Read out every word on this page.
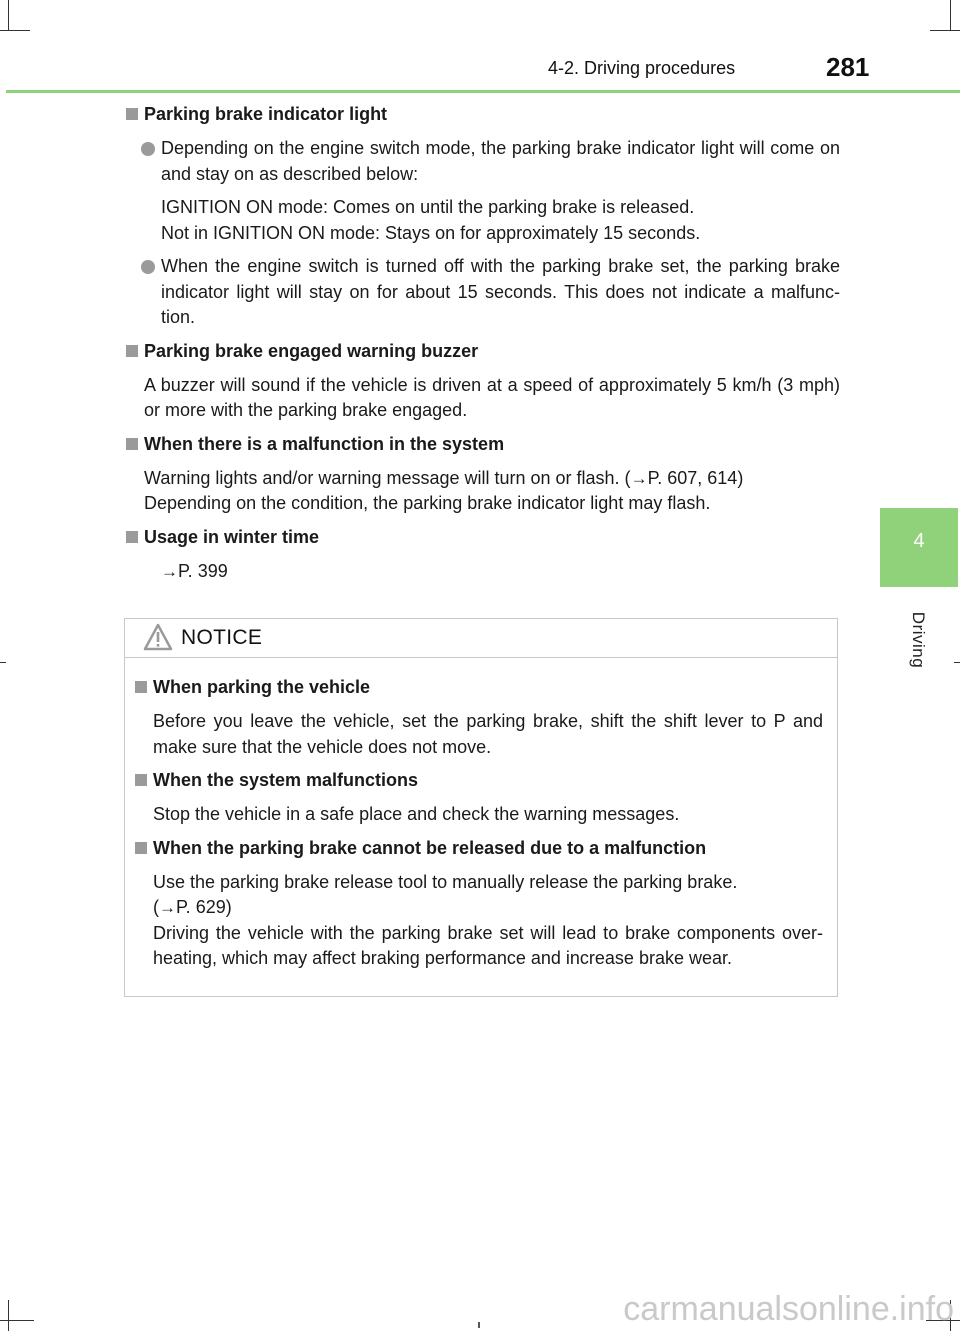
4-2. Driving procedures	281
4
Driving
Parking brake indicator light
Depending on the engine switch mode, the parking brake indicator light will come on and stay on as described below:
IGNITION ON mode: Comes on until the parking brake is released.
Not in IGNITION ON mode: Stays on for approximately 15 seconds.
When the engine switch is turned off with the parking brake set, the parking brake indicator light will stay on for about 15 seconds. This does not indicate a malfunc-tion.
Parking brake engaged warning buzzer
A buzzer will sound if the vehicle is driven at a speed of approximately 5 km/h (3 mph) or more with the parking brake engaged.
When there is a malfunction in the system
Warning lights and/or warning message will turn on or flash. (→P. 607, 614)
Depending on the condition, the parking brake indicator light may flash.
Usage in winter time
→P. 399
NOTICE
When parking the vehicle
Before you leave the vehicle, set the parking brake, shift the shift lever to P and make sure that the vehicle does not move.
When the system malfunctions
Stop the vehicle in a safe place and check the warning messages.
When the parking brake cannot be released due to a malfunction
Use the parking brake release tool to manually release the parking brake.
(→P. 629)
Driving the vehicle with the parking brake set will lead to brake components over-heating, which may affect braking performance and increase brake wear.
carmanualsonline.info
